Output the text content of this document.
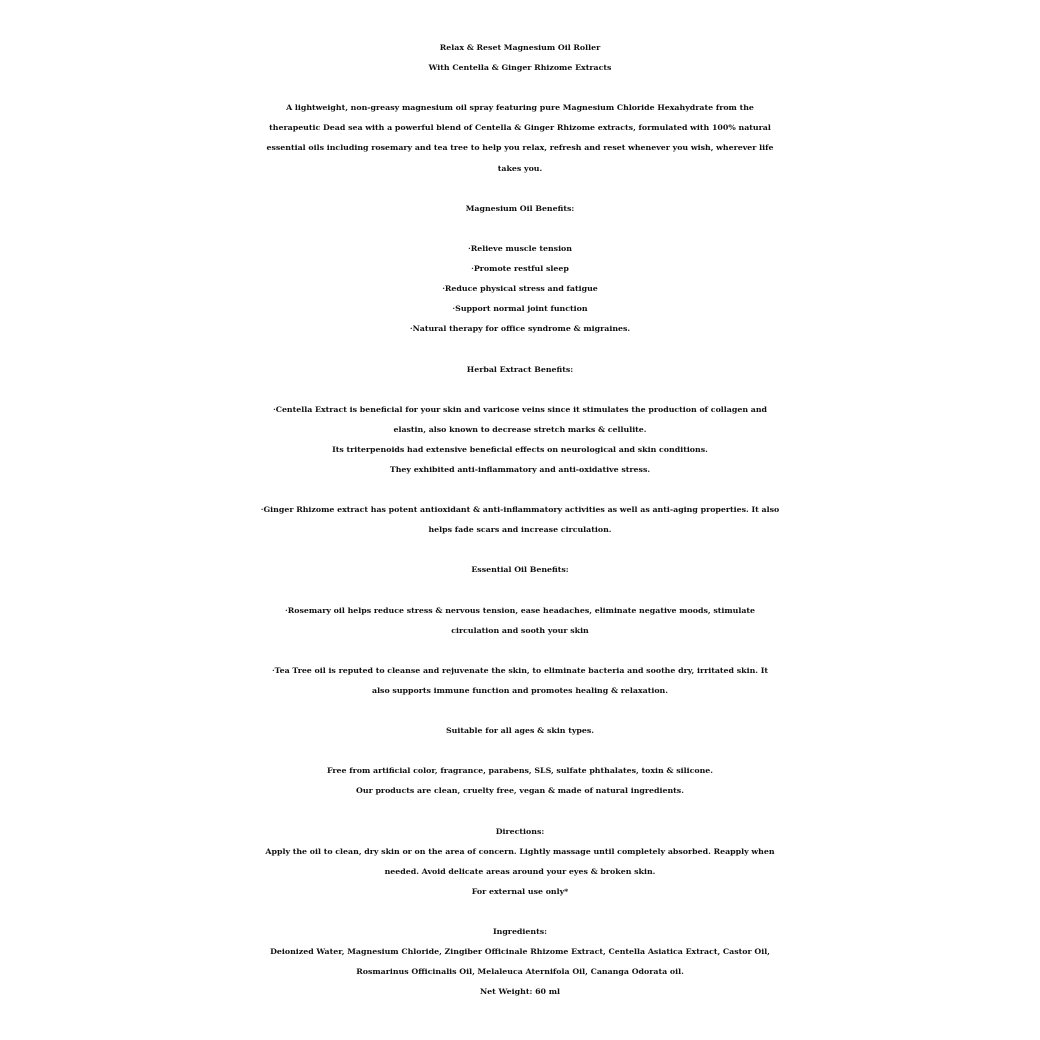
Relax & Reset Magnesium Oil Roller
With Centella & Ginger Rhizome Extracts
A lightweight, non-greasy magnesium oil spray featuring pure Magnesium Chloride Hexahydrate from the
therapeutic Dead sea with a powerful blend of Centella & Ginger Rhizome extracts, formulated with 100% natural
essential oils including rosemary and tea tree to help you relax, refresh and reset whenever you wish, wherever life
takes you.
Magnesium Oil Benefits:
·Relieve muscle tension
·Promote restful sleep
·Reduce physical stress and fatigue
·Support normal joint function
·Natural therapy for office syndrome & migraines.
Herbal Extract Benefits:
·Centella Extract is beneficial for your skin and varicose veins since it stimulates the production of collagen and
elastin, also known to decrease stretch marks & cellulite.
Its triterpenoids had extensive beneficial effects on neurological and skin conditions.
They exhibited anti-inflammatory and anti-oxidative stress.
·Ginger Rhizome extract has potent antioxidant & anti-inflammatory activities as well as anti-aging properties. It also
helps fade scars and increase circulation.
Essential Oil Benefits:
·Rosemary oil helps reduce stress & nervous tension, ease headaches, eliminate negative moods, stimulate
circulation and sooth your skin
·Tea Tree oil is reputed to cleanse and rejuvenate the skin, to eliminate bacteria and soothe dry, irritated skin. It
also supports immune function and promotes healing & relaxation.
Suitable for all ages & skin types.
Free from artificial color, fragrance, parabens, SLS, sulfate phthalates, toxin & silicone.
Our products are clean, cruelty free, vegan & made of natural ingredients.
Directions:
Apply the oil to clean, dry skin or on the area of concern. Lightly massage until completely absorbed. Reapply when
needed. Avoid delicate areas around your eyes & broken skin.
For external use only*
Ingredients:
Deionized Water, Magnesium Chloride, Zingiber Officinale Rhizome Extract, Centella Asiatica Extract, Castor Oil,
Rosmarinus Officinalis Oil, Melaleuca Aternifola Oil, Cananga Odorata oil.
Net Weight: 60 ml
